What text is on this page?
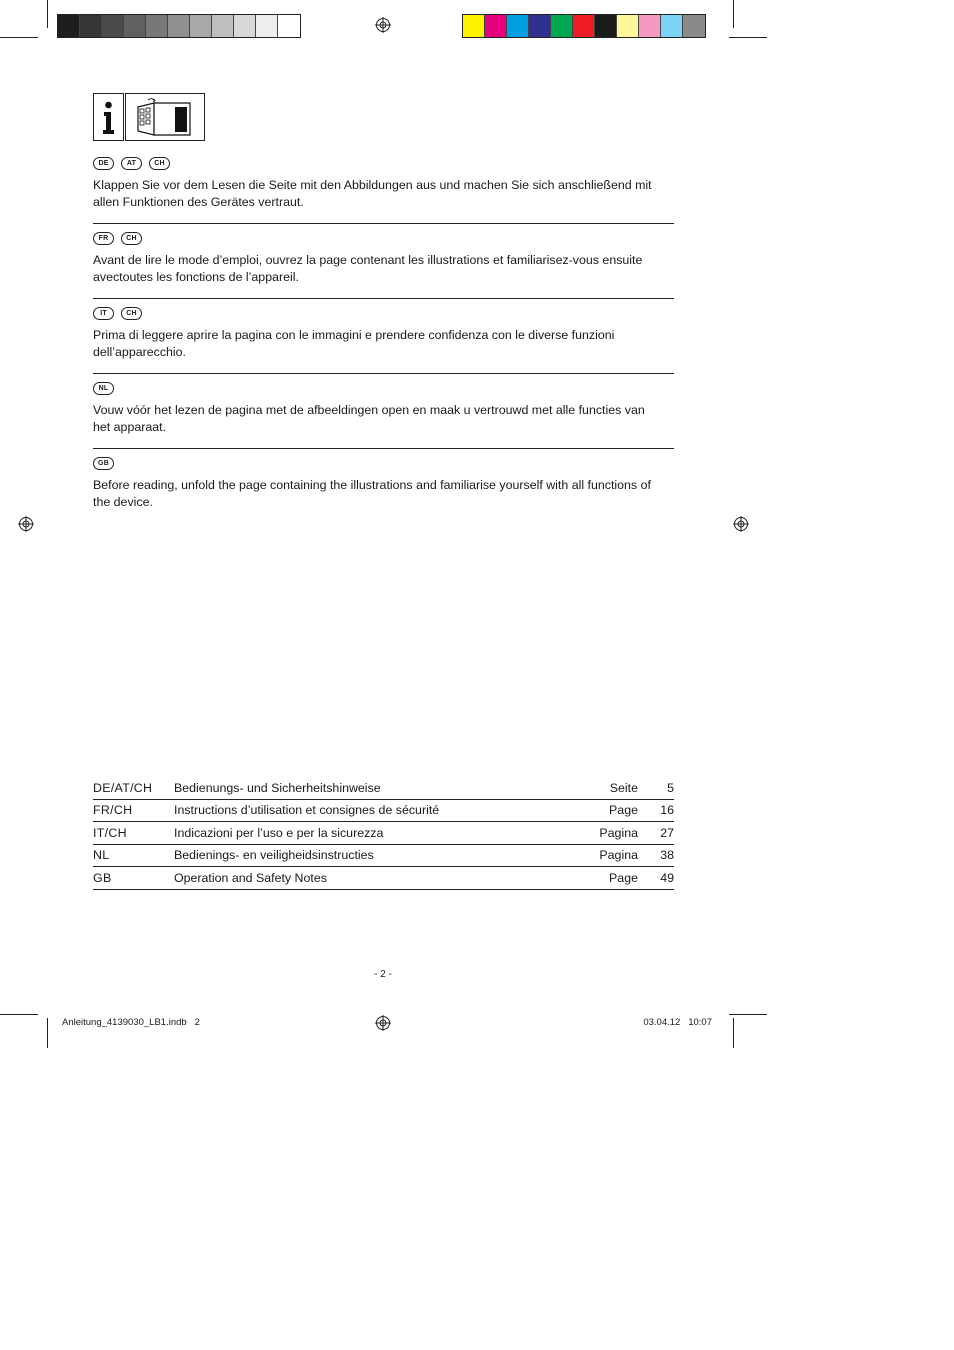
DE	AT	CH

Klappen Sie vor dem Lesen die Seite mit den Abbildungen aus und machen Sie sich anschließend mit
allen Funktionen des Gerätes vertraut.

FR	CH

Avant de lire le mode d’emploi, ouvrez la page contenant les illustrations et familiarisez-vous ensuite
avectoutes les fonctions de l’appareil.

IT	CH

Prima di leggere aprire la pagina con le immagini e prendere confidenza con le diverse funzioni
dell’apparecchio.

NL

Vouw vóór het lezen de pagina met de afbeeldingen open en maak u vertrouwd met alle functies van
het apparaat.

GB

Before reading, unfold the page containing the illustrations and familiarise yourself with all functions of
the device.

DE/AT/CH	Bedienungs- und Sicherheitshinweise	Seite	5
FR/CH	Instructions d’utilisation et consignes de sécurité	Page	16
IT/CH	Indicazioni per l’uso e per la sicurezza	Pagina	27
NL	Bedienings- en veiligheidsinstructies	Pagina	38
GB	Operation and Safety Notes	Page	49
- 2 -
Anleitung_4139030_LB1.indb   2	03.04.12   10:07
